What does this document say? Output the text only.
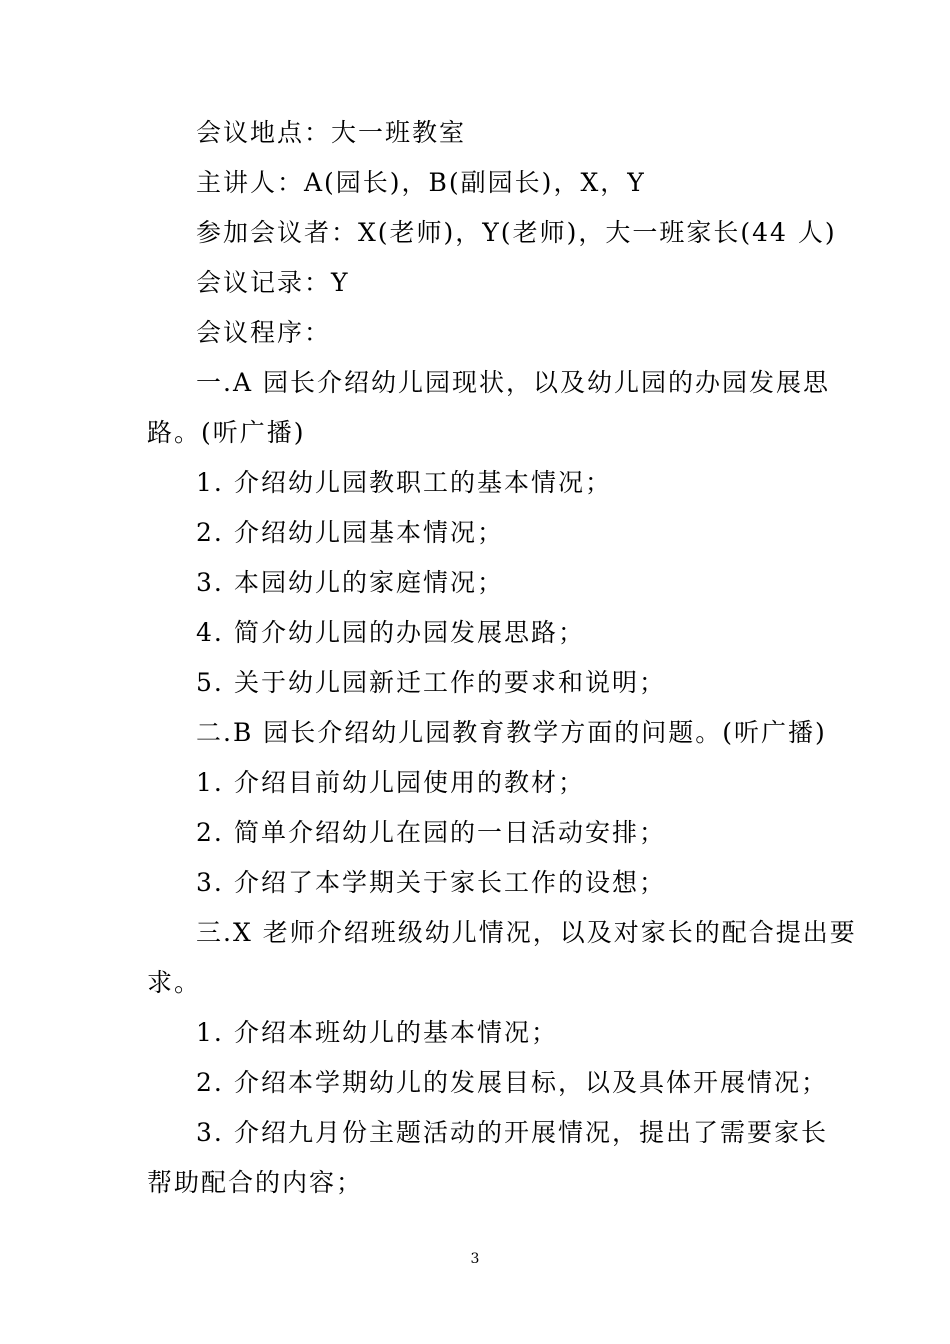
会议地点：大一班教室
主讲人：A(园长)，B(副园长)，X，Y
参加会议者：X(老师)，Y(老师)，大一班家长(44 人)
会议记录：Y
会议程序：
一.A 园长介绍幼儿园现状，以及幼儿园的办园发展思
路。(听广播)
1. 介绍幼儿园教职工的基本情况；
2. 介绍幼儿园基本情况；
3. 本园幼儿的家庭情况；
4. 简介幼儿园的办园发展思路；
5. 关于幼儿园新迁工作的要求和说明；
二.B 园长介绍幼儿园教育教学方面的问题。(听广播)
1. 介绍目前幼儿园使用的教材；
2. 简单介绍幼儿在园的一日活动安排；
3. 介绍了本学期关于家长工作的设想；
三.X 老师介绍班级幼儿情况，以及对家长的配合提出要
求。
1. 介绍本班幼儿的基本情况；
2. 介绍本学期幼儿的发展目标，以及具体开展情况；
3. 介绍九月份主题活动的开展情况，提出了需要家长
帮助配合的内容；
3
